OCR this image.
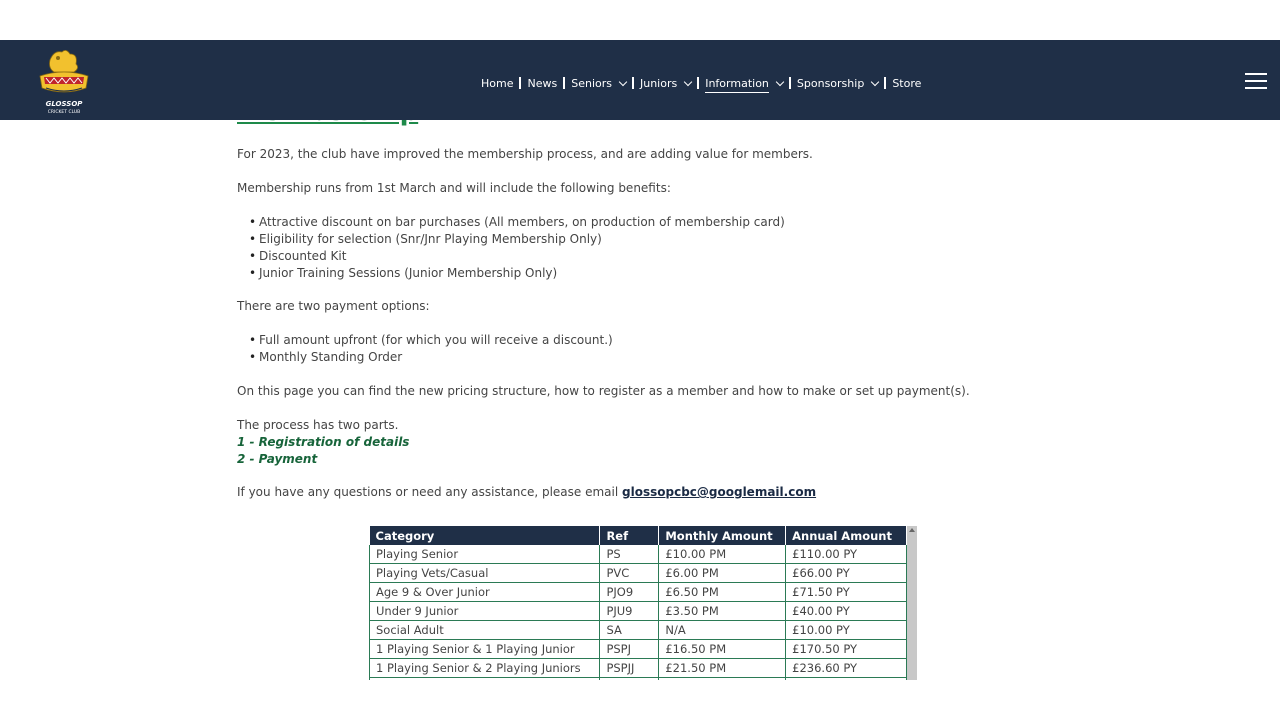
For 2023, the club have improved the membership process, and are adding value for members.

Membership runs from 1st March and will include the following benefits:

• Attractive discount on bar purchases (All members, on production of membership card)
• Eligibility for selection (Snr/Jnr Playing Membership Only)
• Discounted Kit
• Junior Training Sessions (Junior Membership Only)

There are two payment options:

• Full amount upfront (for which you will receive a discount.)
• Monthly Standing Order

On this page you can find the new pricing structure, how to register as a member and how to make or set up payment(s).

The process has two parts.
1 - Registration of details
2 - Payment

If you have any questions or need any assistance, please email glossopcbc@googlemail.com

Category	Ref	Monthly Amount	Annual Amount
Playing Senior	PS	£10.00 PM	£110.00 PY
Playing Vets/Casual	PVC	£6.00 PM	£66.00 PY
Age 9 & Over Junior	PJO9	£6.50 PM	£71.50 PY
Under 9 Junior	PJU9	£3.50 PM	£40.00 PY
Social Adult	SA	N/A	£10.00 PY
1 Playing Senior & 1 Playing Junior	PSPJ	£16.50 PM	£170.50 PY
1 Playing Senior & 2 Playing Juniors	PSPJJ	£21.50 PM	£236.60 PY

GLOSSOP
CRICKET CLUB
Home News Seniors	Juniors	Information	Sponsorship	Store
